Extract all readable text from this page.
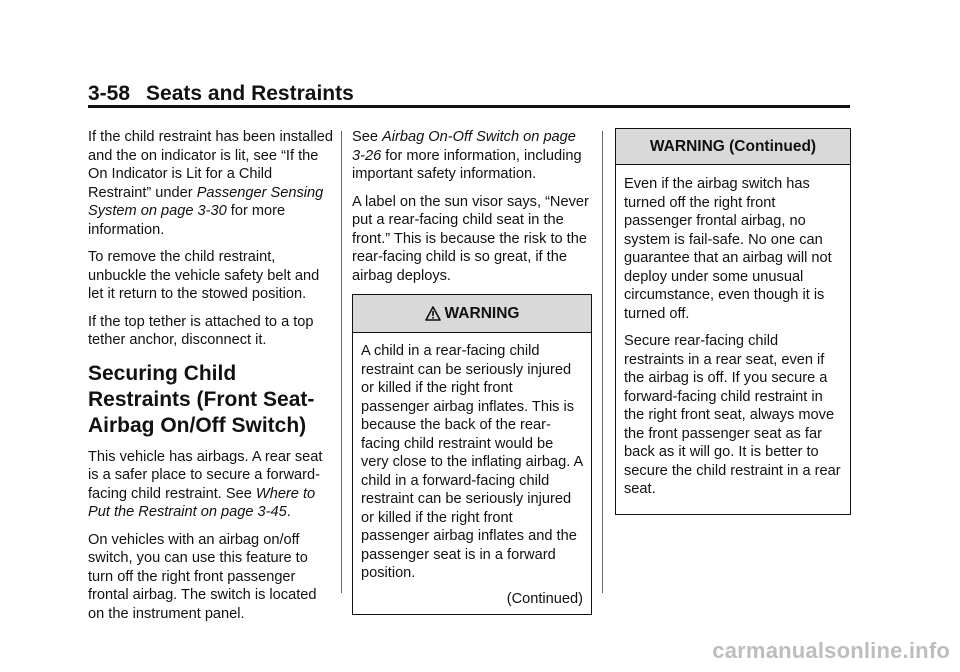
3-58 Seats and Restraints

If the child restraint has been installed and the on indicator is lit, see “If the On Indicator is Lit for a Child Restraint” under Passenger Sensing System on page 3-30 for more information.

To remove the child restraint, unbuckle the vehicle safety belt and let it return to the stowed position.

If the top tether is attached to a top tether anchor, disconnect it.

Securing Child Restraints (Front Seat-Airbag On/Off Switch)

This vehicle has airbags. A rear seat is a safer place to secure a forward-facing child restraint. See Where to Put the Restraint on page 3-45.

On vehicles with an airbag on/off switch, you can use this feature to turn off the right front passenger frontal airbag. The switch is located on the instrument panel.

See Airbag On-Off Switch on page 3-26 for more information, including important safety information.

A label on the sun visor says, “Never put a rear-facing child seat in the front.” This is because the risk to the rear-facing child is so great, if the airbag deploys.

WARNING

A child in a rear-facing child restraint can be seriously injured or killed if the right front passenger airbag inflates. This is because the back of the rear-facing child restraint would be very close to the inflating airbag. A child in a forward-facing child restraint can be seriously injured or killed if the right front passenger airbag inflates and the passenger seat is in a forward position.

(Continued)
WARNING (Continued)

Even if the airbag switch has turned off the right front passenger frontal airbag, no system is fail-safe. No one can guarantee that an airbag will not deploy under some unusual circumstance, even though it is turned off.

Secure rear-facing child restraints in a rear seat, even if the airbag is off. If you secure a forward-facing child restraint in the right front seat, always move the front passenger seat as far back as it will go. It is better to secure the child restraint in a rear seat.

carmanualsonline.info
